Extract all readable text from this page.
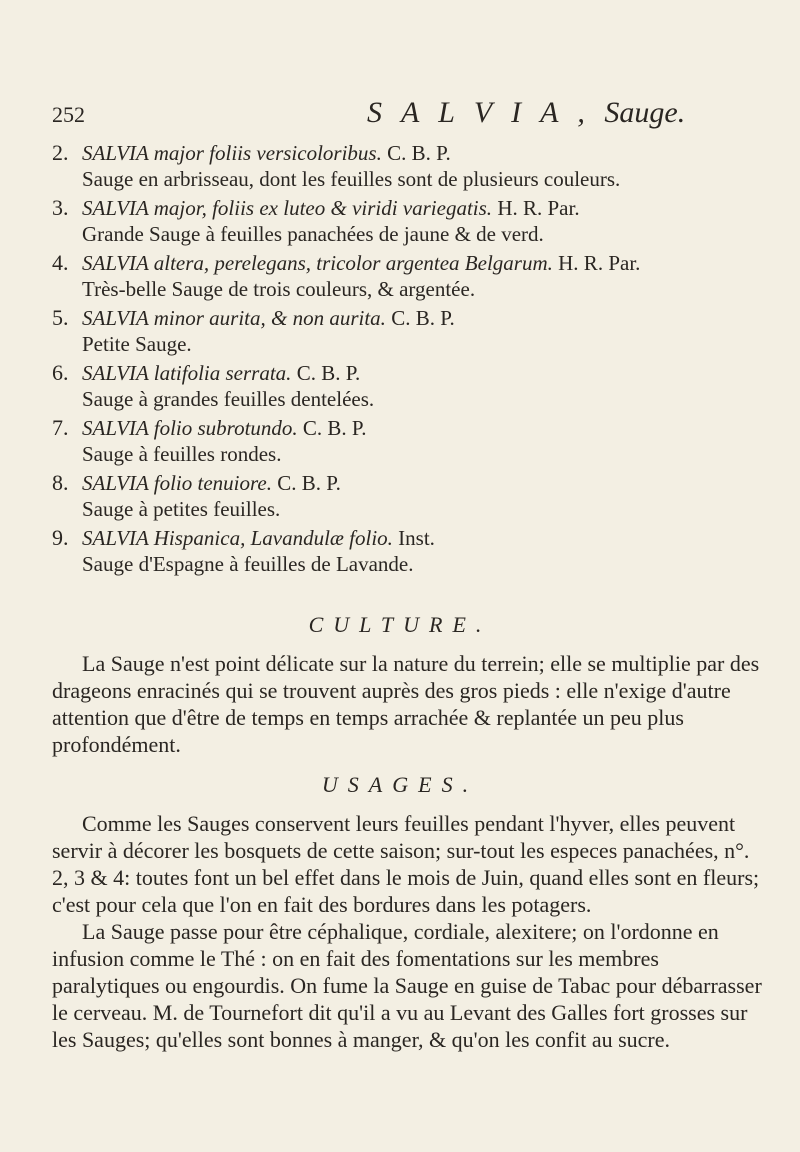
252	S A L V I A , Sauge.
2. SALVIA major foliis versicoloribus. C. B. P.
Sauge en arbrisseau, dont les feuilles sont de plusieurs couleurs.
3. SALVIA major, foliis ex luteo & viridi variegatis. H. R. Par.
Grande Sauge à feuilles panachées de jaune & de verd.
4. SALVIA altera, perelegans, tricolor argentea Belgarum. H. R. Par.
Très-belle Sauge de trois couleurs, & argentée.
5. SALVIA minor aurita, & non aurita. C. B. P.
Petite Sauge.
6. SALVIA latifolia serrata. C. B. P.
Sauge à grandes feuilles dentelées.
7. SALVIA folio subrotundo. C. B. P.
Sauge à feuilles rondes.
8. SALVIA folio tenuiore. C. B. P.
Sauge à petites feuilles.
9. SALVIA Hispanica, Lavandulæ folio. Inst.
Sauge d'Espagne à feuilles de Lavande.
CULTURE.

La Sauge n'est point délicate sur la nature du terrein; elle se multiplie par des drageons enracinés qui se trouvent auprès des gros pieds : elle n'exige d'autre attention que d'être de temps en temps arrachée & replantée un peu plus profondément.

USAGES.

Comme les Sauges conservent leurs feuilles pendant l'hyver, elles peuvent servir à décorer les bosquets de cette saison; sur-tout les especes panachées, n°. 2, 3 & 4: toutes font un bel effet dans le mois de Juin, quand elles sont en fleurs; c'est pour cela que l'on en fait des bordures dans les potagers.

La Sauge passe pour être céphalique, cordiale, alexitere; on l'ordonne en infusion comme le Thé : on en fait des fomentations sur les membres paralytiques ou engourdis. On fume la Sauge en guise de Tabac pour débarrasser le cerveau. M. de Tournefort dit qu'il a vu au Levant des Galles fort grosses sur les Sauges; qu'elles sont bonnes à manger, & qu'on les confit au sucre.
